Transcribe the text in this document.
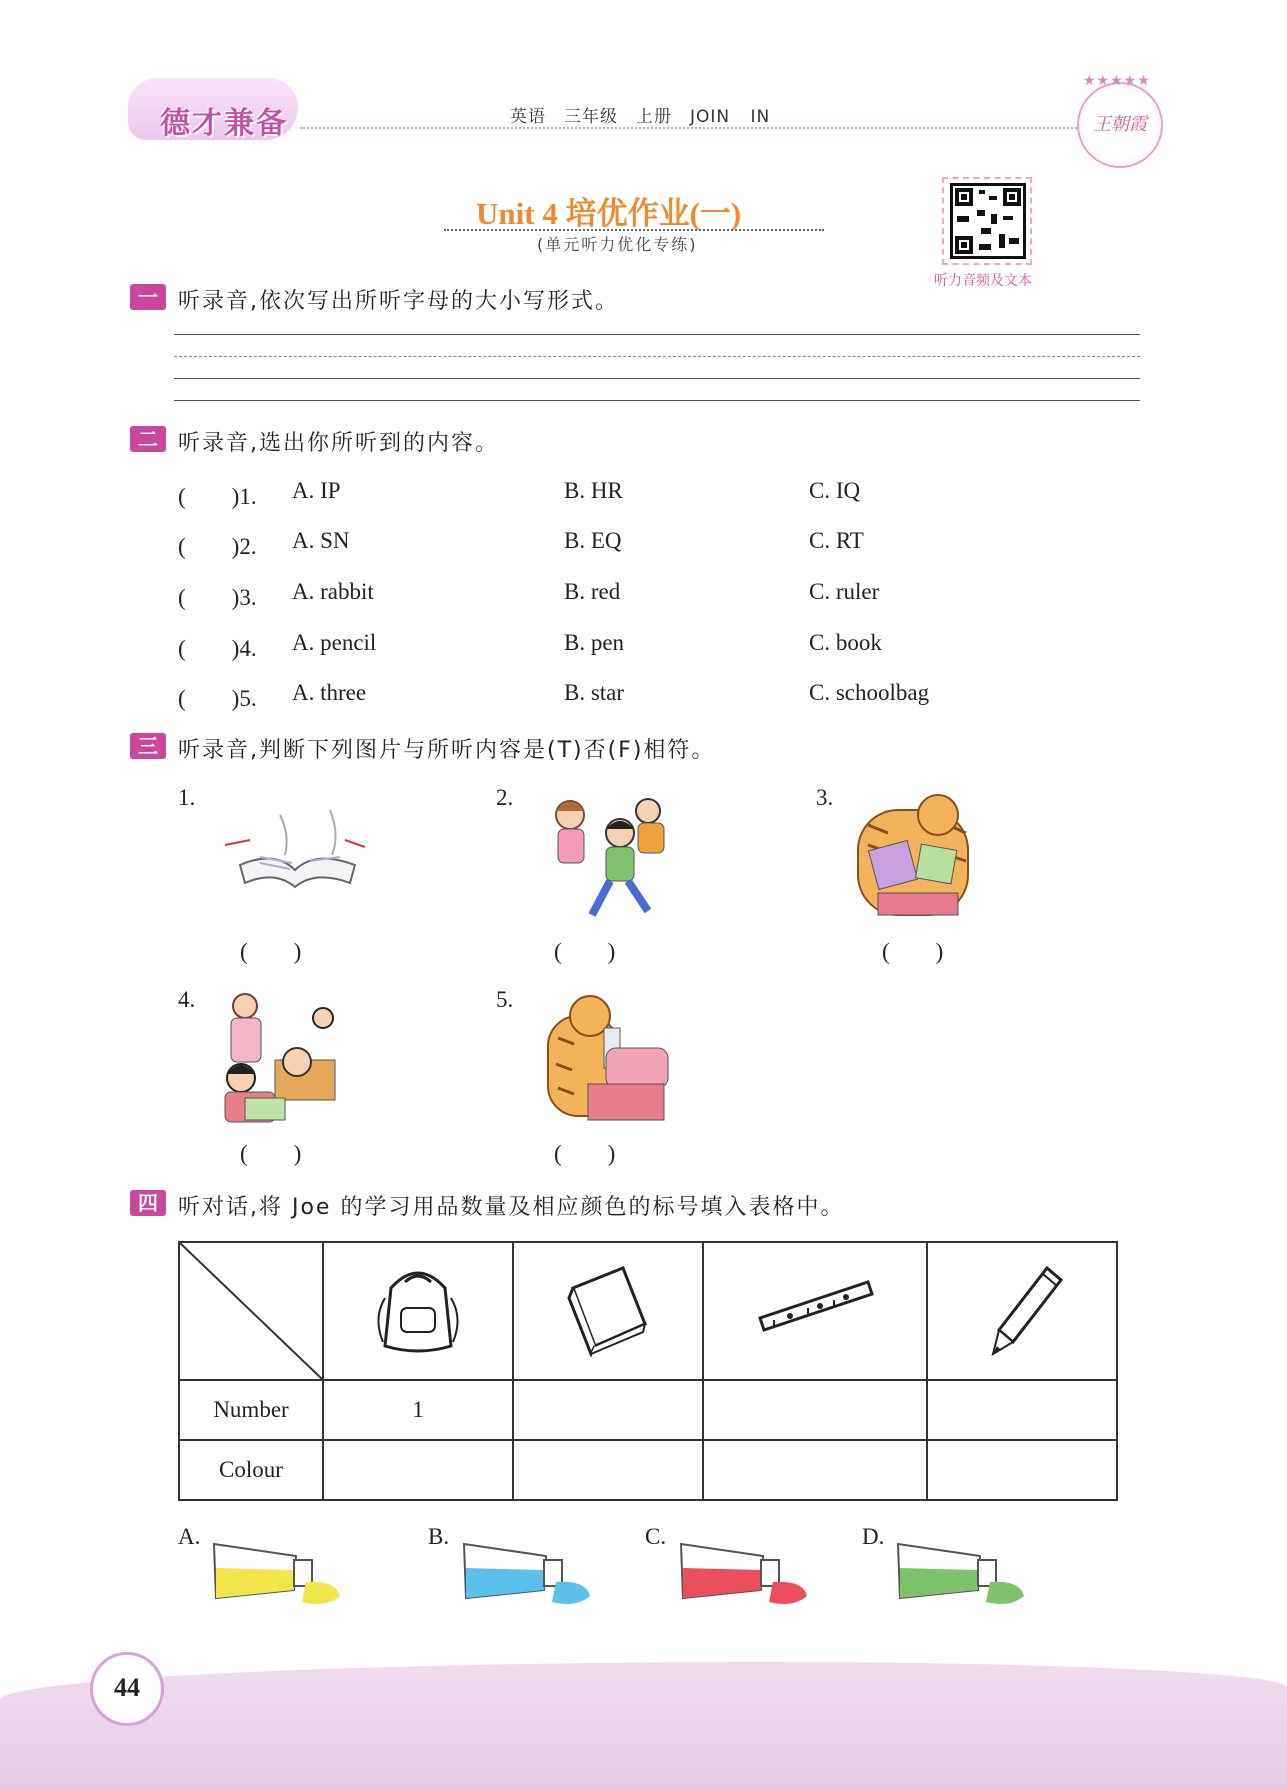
德才兼备	英语　三年级　上册　JOIN IN
★★★★★
王朝霞
Unit 4 培优作业(一)
(单元听力优化专练)
听力音频及文本
一 听录音,依次写出所听字母的大小写形式。
二 听录音,选出你所听到的内容。
(　　)1. A. IP	B. HR	C. IQ
(　　)2. A. SN	B. EQ	C. RT
(　　)3. A. rabbit	B. red	C. ruler
(　　)4. A. pencil	B. pen	C. book
(　　)5. A. three	B. star	C. schoolbag
三 听录音,判断下列图片与所听内容是(T)否(F)相符。
1.
(　　)
2.
(　　)
3.
(　　)
4.
(　　)
5.
(　　)
四 听对话,将 Joe 的学习用品数量及相应颜色的标号填入表格中。

Number	1			
Colour				
A.	B.	C.	D.
44
